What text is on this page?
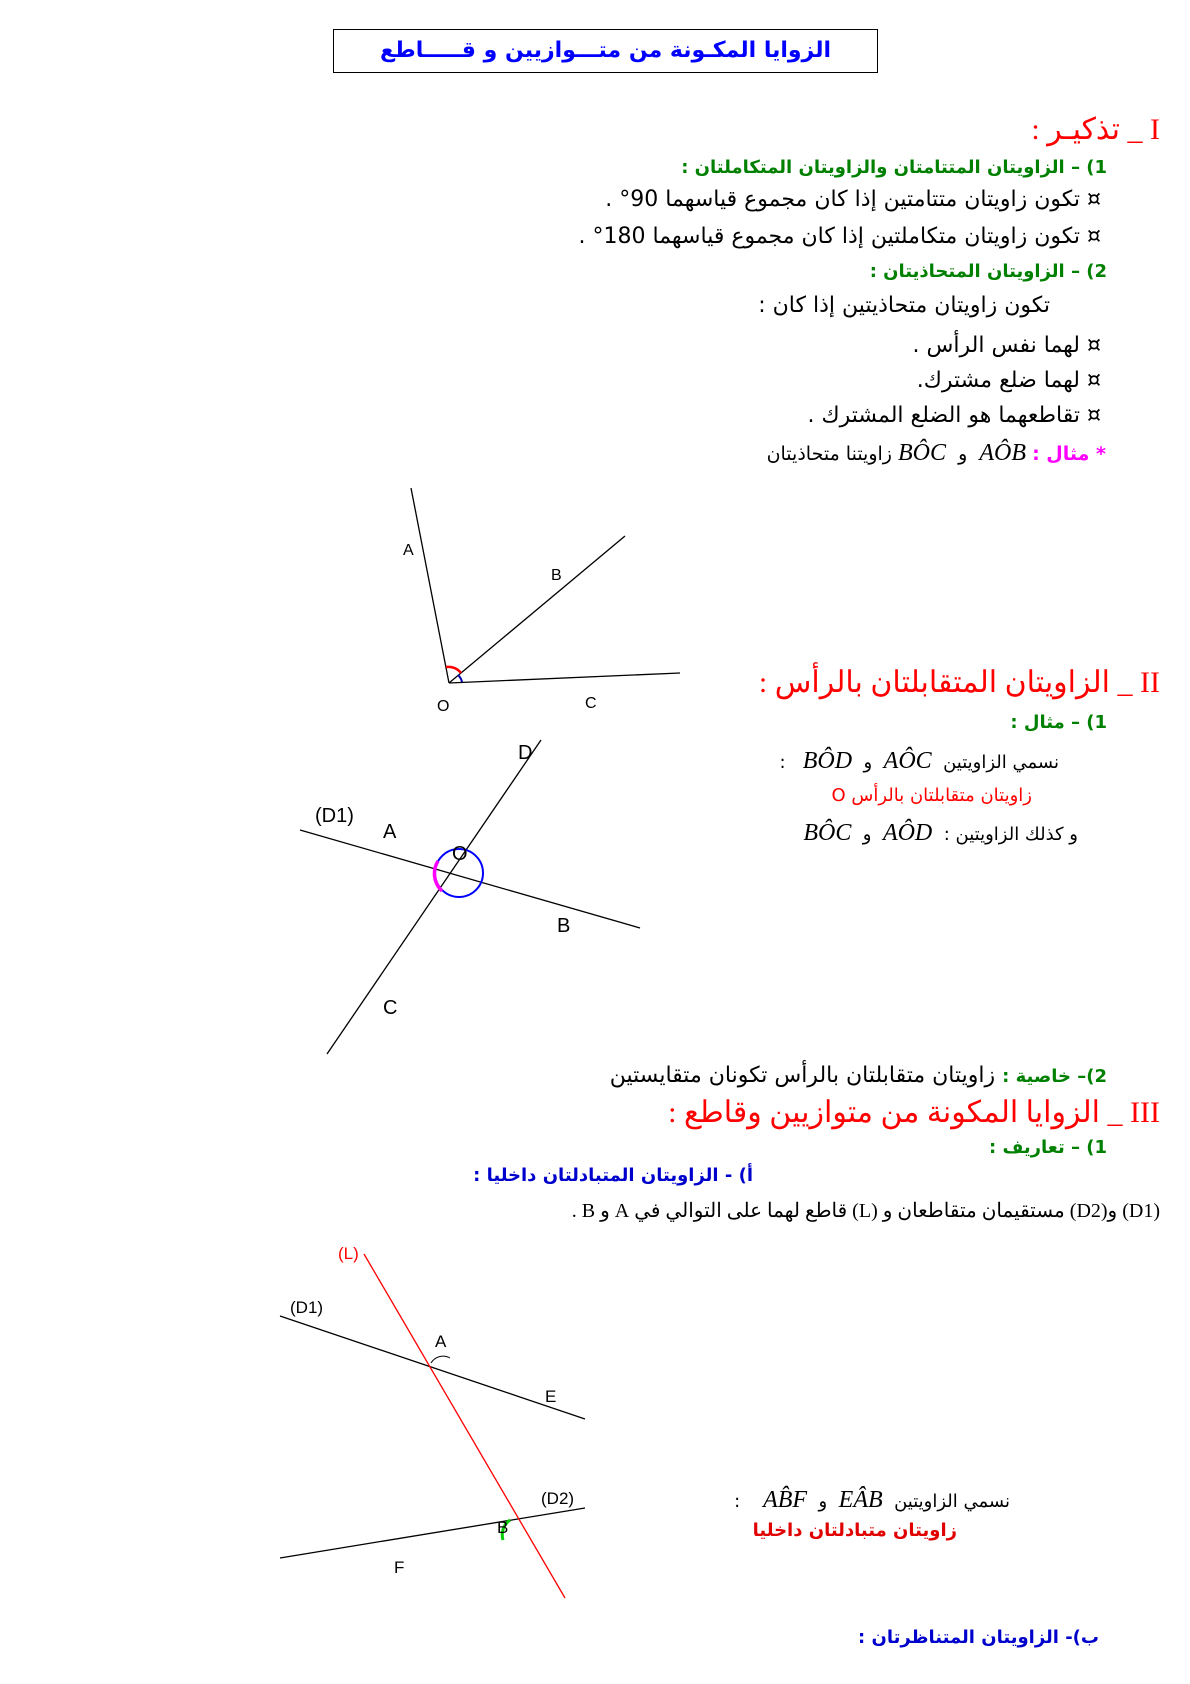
الزوايا المكـونة من متـــوازيين و قـــــاطع
I _ تذكيـر :
1) – الزاويتان المتتامتان والزاويتان المتكاملتان :
¤ تكون زاويتان متتامتين إذا كان مجموع قياسهما 90° .
¤ تكون زاويتان متكاملتين إذا كان مجموع قياسهما 180° .
2) – الزاويتان المتحاذيتان :
تكون زاويتان متحاذيتين إذا كان :
¤ لهما نفس الرأس .
¤ لهما ضلع مشترك.
¤ تقاطعهما هو الضلع المشترك .
* مثال : AÔB  و  BÔC زاويتنا متحاذيتان
A
B
O	C
II _ الزاويتان المتقابلتان بالرأس :
1) – مثال :
نسمي الزاويتين  AÔC  و  BÔD   :
زاويتان متقابلتان بالرأس O
و كذلك الزاويتين :  AÔD  و  BÔC
D
(D1)
A
O
B
C
2)– خاصية : زاويتان متقابلتان بالرأس تكونان متقايستين
III _ الزوايا المكونة من متوازيين وقاطع :
1) – تعاريف :
أ) - الزاويتان المتبادلتان داخليا :
(D1) و(D2) مستقيمان متقاطعان و (L) قاطع لهما على التوالي في A و B .
(L)
(D1)
A
E
(D2)
B
F
نسمي الزاويتين  EÂB  و  AB̂F    :
زاويتان متبادلتان داخليا
ب)- الزاويتان المتناظرتان :
